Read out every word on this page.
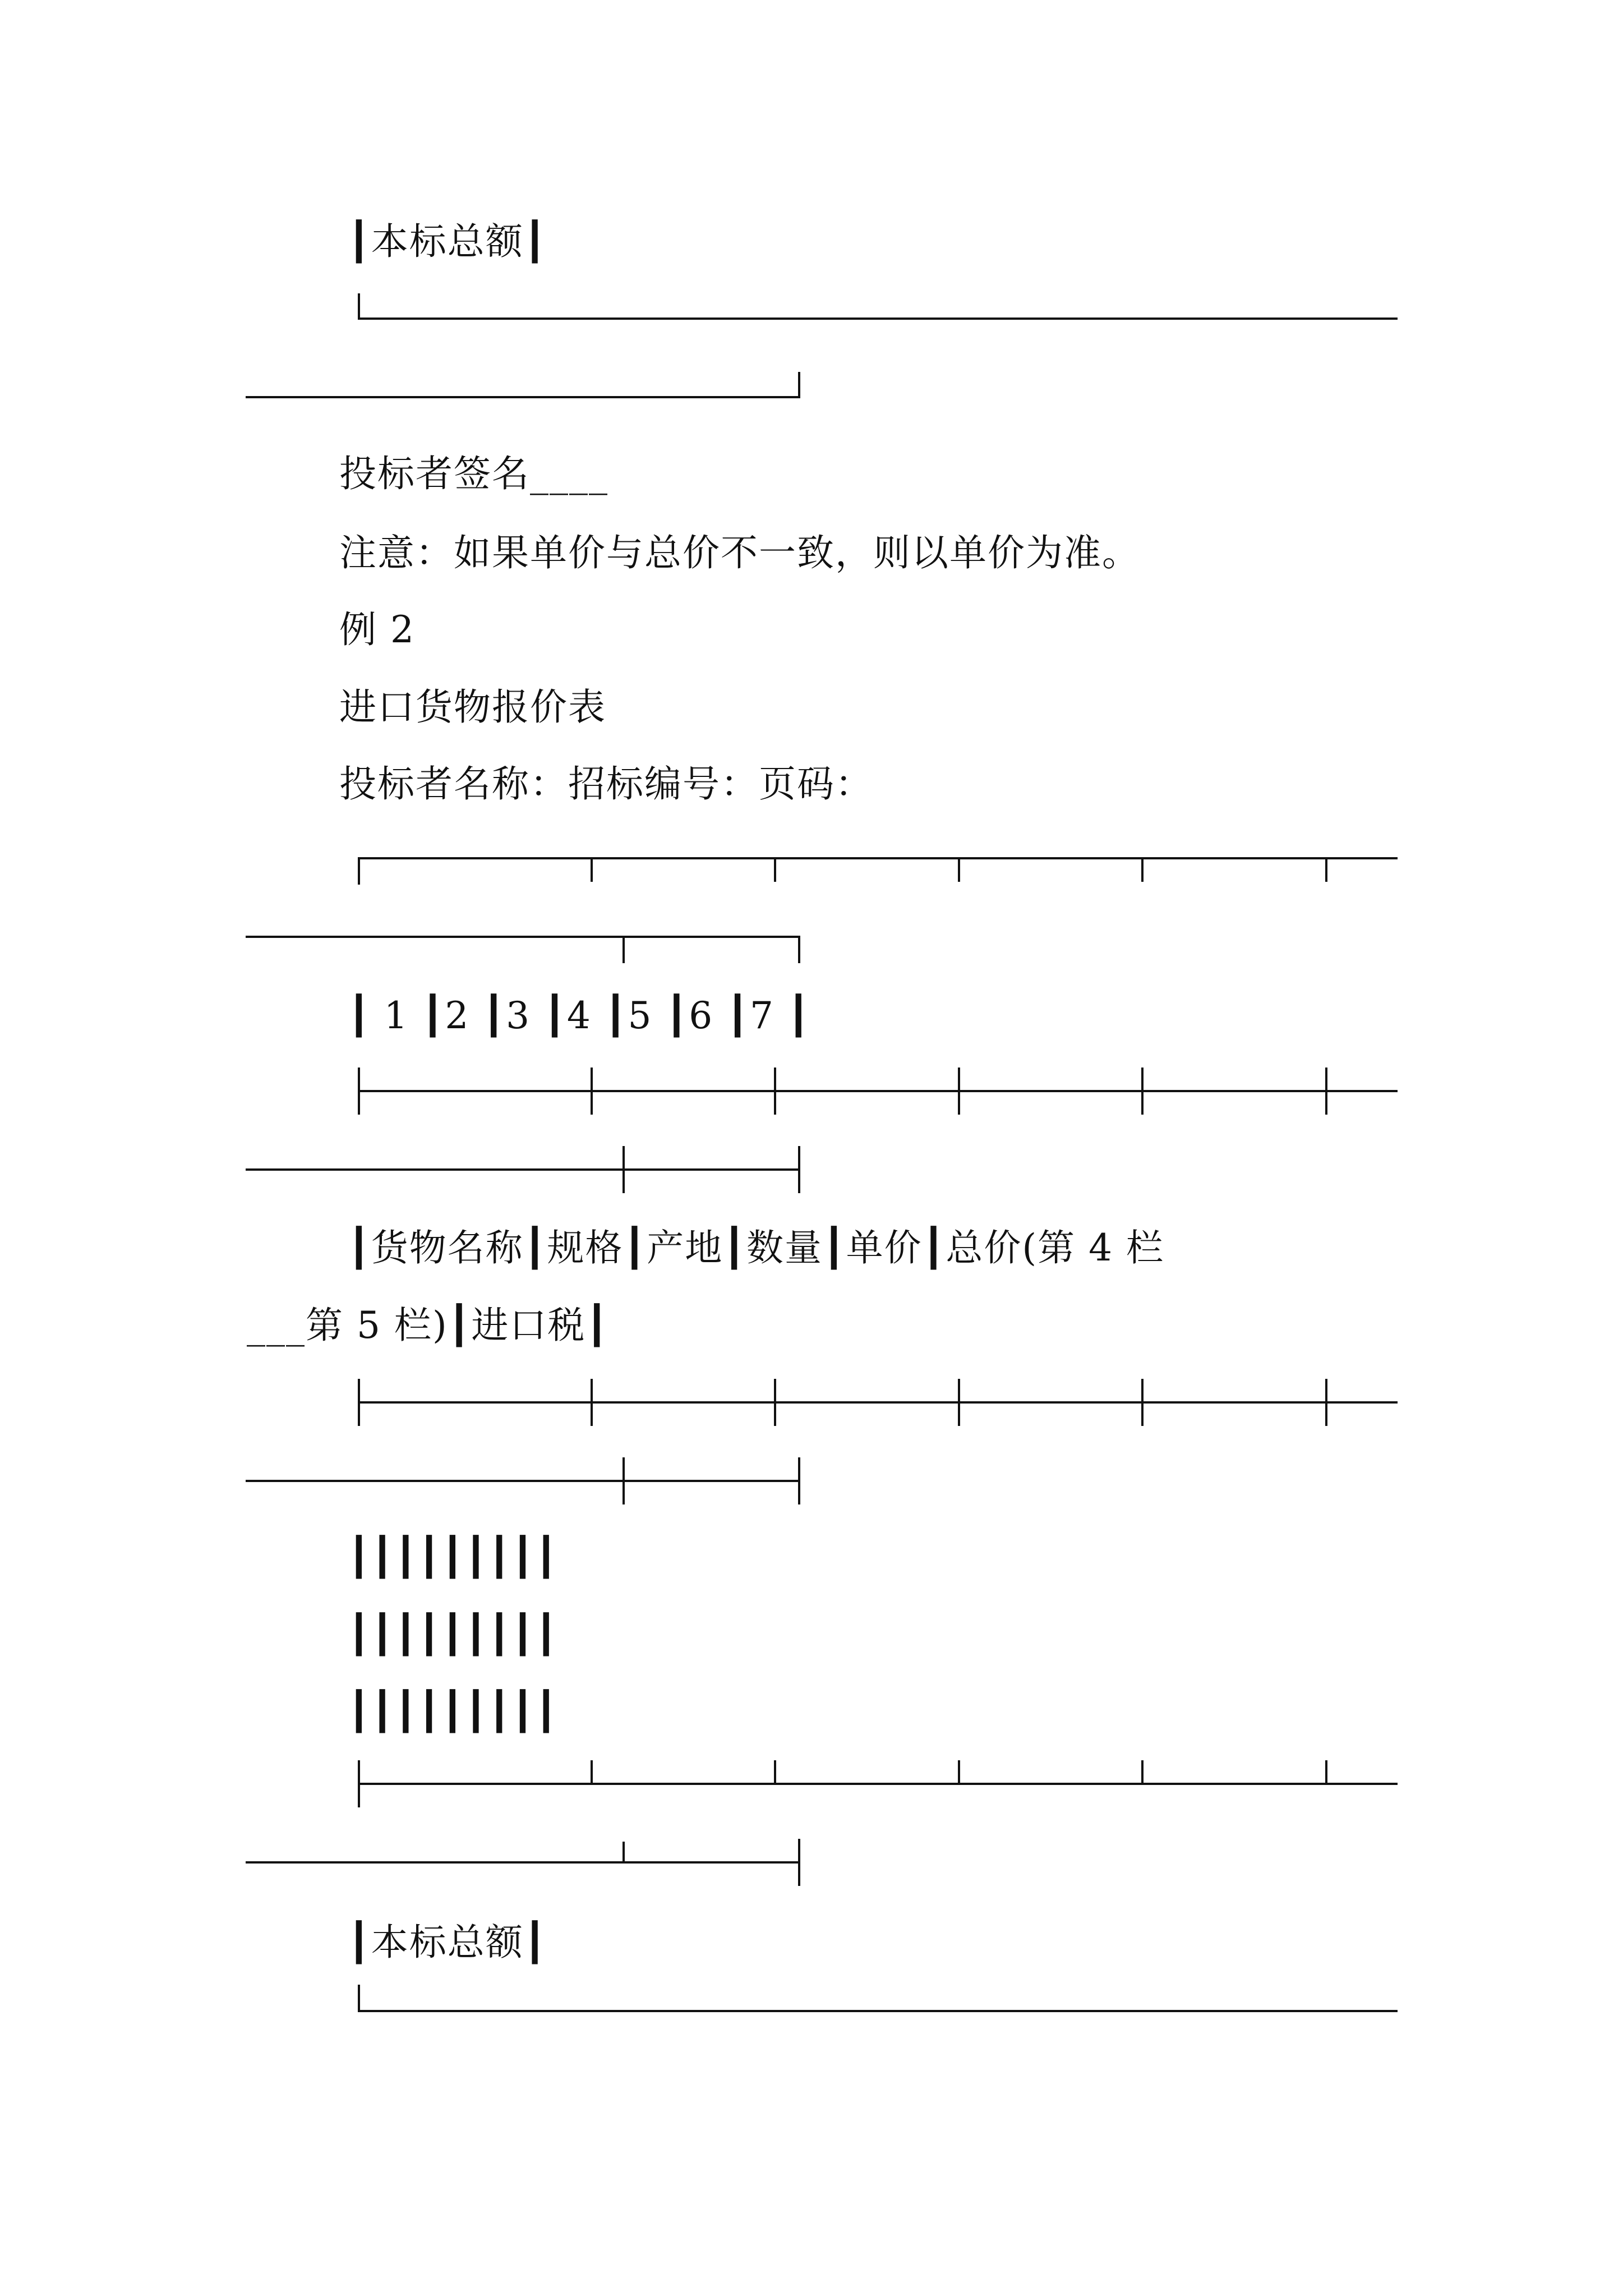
┃本标总额┃
投标者签名____
注意：如果单价与总价不一致，则以单价为准。
例 2
进口货物报价表
投标者名称：招标编号：页码：
┃ 1 ┃2 ┃3 ┃4 ┃5 ┃6 ┃7 ┃
┃货物名称┃规格┃产地┃数量┃单价┃总价(第 4 栏
___第 5 栏)┃进口税┃
┃┃┃┃┃┃┃┃┃
┃┃┃┃┃┃┃┃┃
┃┃┃┃┃┃┃┃┃
┃本标总额┃
